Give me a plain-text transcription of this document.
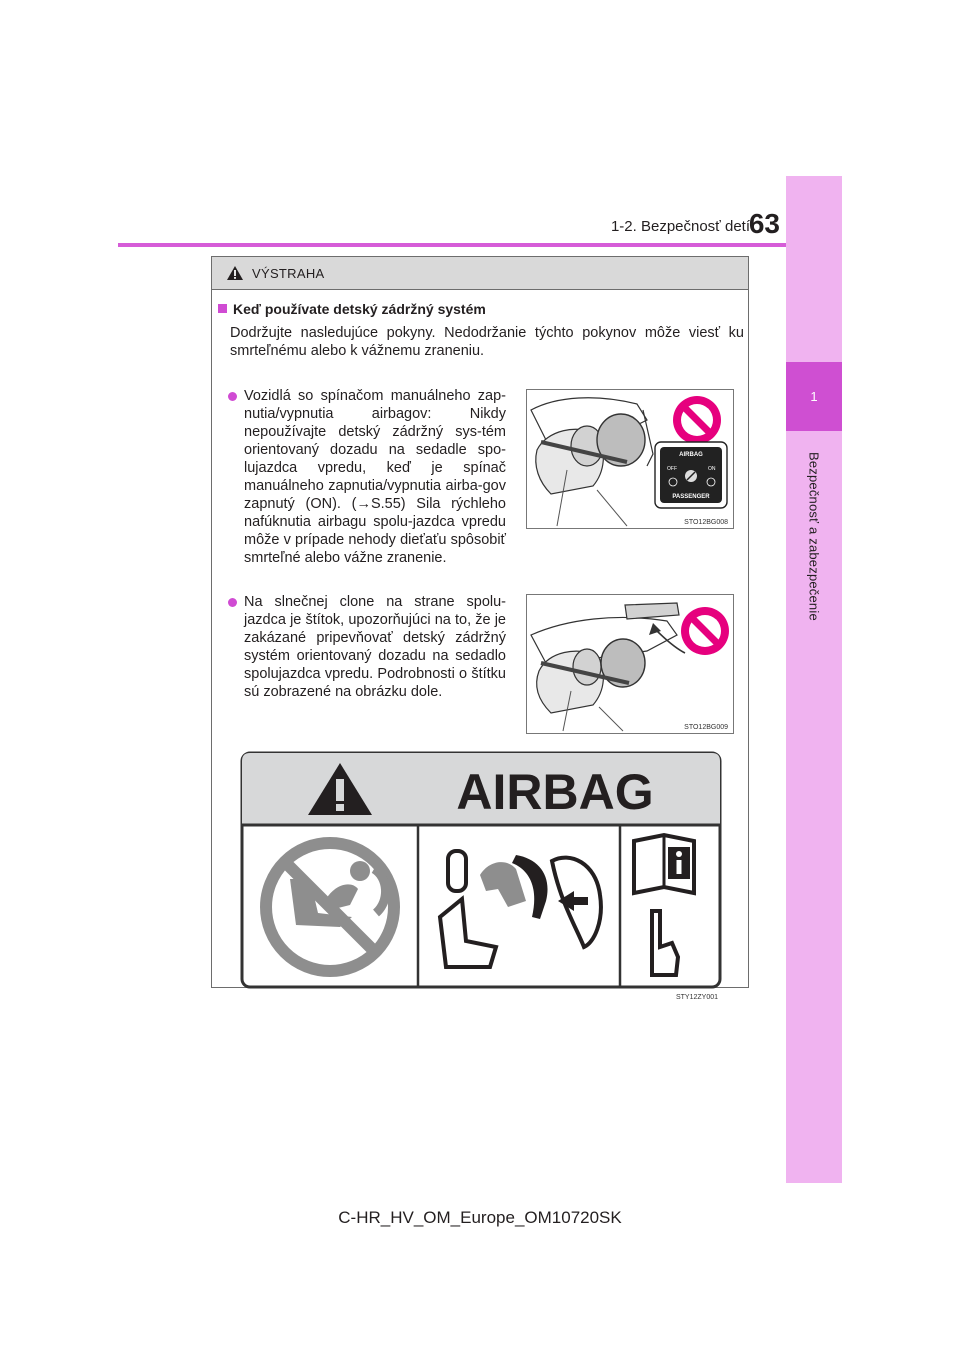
1
Bezpečnosť a zabezpečenie
1-2. Bezpečnosť detí
63
VÝSTRAHA
Keď používate detský zádržný systém
Dodržujte nasledujúce pokyny. Nedodržanie týchto pokynov môže viesť ku smrteľnému alebo k vážnemu zraneniu.
Vozidlá so spínačom manuálneho zap-nutia/vypnutia airbagov: Nikdy nepoužívajte detský zádržný sys-tém orientovaný dozadu na sedadle spo-lujazdca vpredu, keď je spínač manuálneho zapnutia/vypnutia airba-gov zapnutý (ON). (→S.55) Sila rýchleho nafúknutia airbagu spolu-jazdca vpredu môže v prípade nehody dieťaťu spôsobiť smrteľné alebo vážne zranenie.
AIRBAG
OFF	ON
PASSENGER
STO12BG008
Na slnečnej clone na strane spolu-jazdca je štítok, upozorňujúci na to, že je zakázané pripevňovať detský zádržný systém orientovaný dozadu na sedadlo spolujazdca vpredu. Podrobnosti o štítku sú zobrazené na obrázku dole.
STO12BG009
AIRBAG
STY12ZY001
C-HR_HV_OM_Europe_OM10720SK
